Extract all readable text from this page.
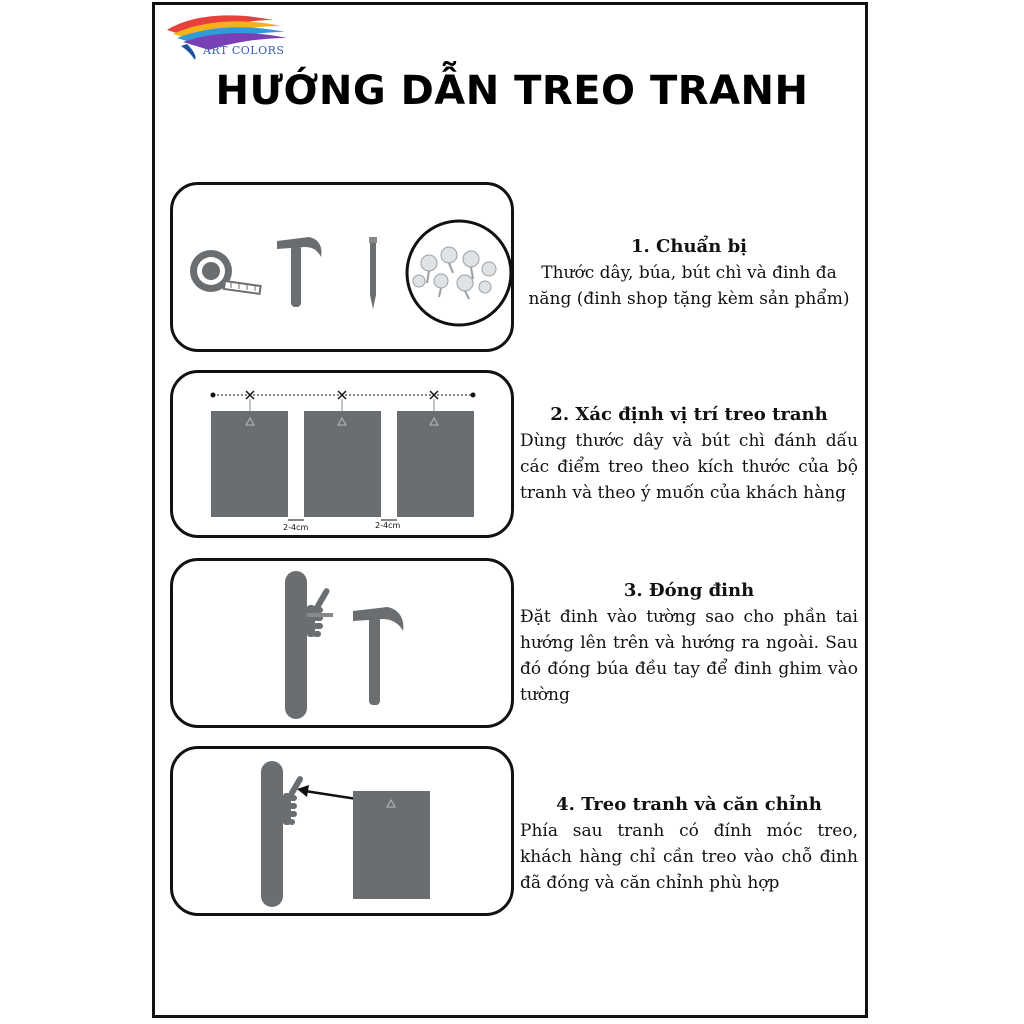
ART COLORS
HƯỚNG DẪN TREO TRANH
2-4cm	2-4cm
1. Chuẩn bị
Thước dây, búa, bút chì và đinh đa năng (đinh shop tặng kèm sản phẩm)
2. Xác định vị trí treo tranh
Dùng thước dây và bút chì đánh dấu các điểm treo theo kích thước của bộ tranh và theo ý muốn của khách hàng
3. Đóng đinh
Đặt đinh vào tường sao cho phần tai hướng lên trên và hướng ra ngoài. Sau đó đóng búa đều tay để đinh ghim vào tường
4. Treo tranh và căn chỉnh
Phía sau tranh có đính móc treo, khách hàng chỉ cần treo vào chỗ đinh đã đóng và căn chỉnh phù hợp
